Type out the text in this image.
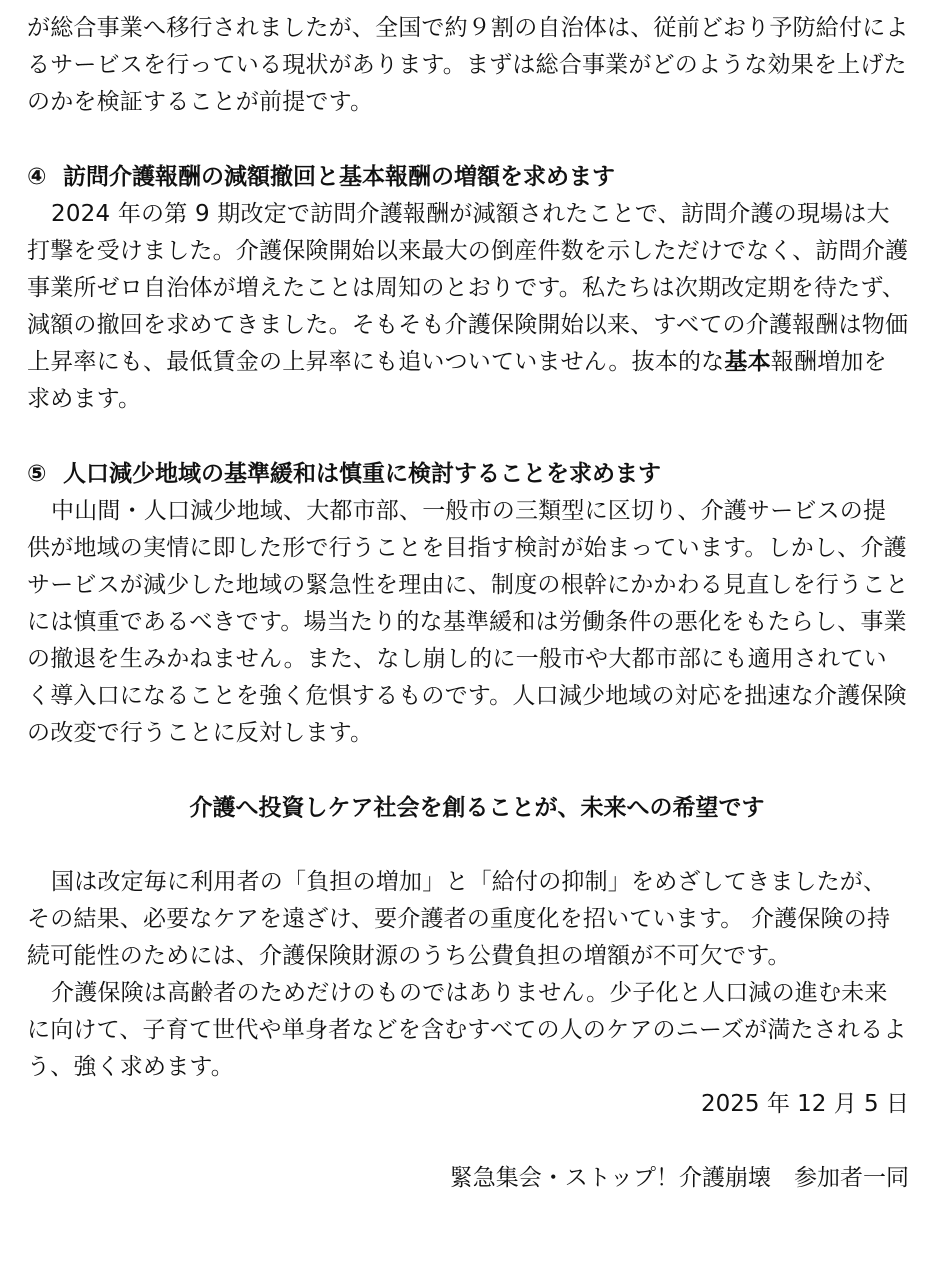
が総合事業へ移行されましたが、全国で約９割の自治体は、従前どおり予防給付によるサービスを行っている現状があります。まずは総合事業がどのような効果を上げたのかを検証することが前提です。

④ 訪問介護報酬の減額撤回と基本報酬の増額を求めます

2024 年の第 9 期改定で訪問介護報酬が減額されたことで、訪問介護の現場は大打撃を受けました。介護保険開始以来最大の倒産件数を示しただけでなく、訪問介護事業所ゼロ自治体が増えたことは周知のとおりです。私たちは次期改定期を待たず、減額の撤回を求めてきました。そもそも介護保険開始以来、すべての介護報酬は物価上昇率にも、最低賃金の上昇率にも追いついていません。抜本的な基本報酬増加を求めます。

⑤ 人口減少地域の基準緩和は慎重に検討することを求めます

中山間・人口減少地域、大都市部、一般市の三類型に区切り、介護サービスの提供が地域の実情に即した形で行うことを目指す検討が始まっています。しかし、介護サービスが減少した地域の緊急性を理由に、制度の根幹にかかわる見直しを行うことには慎重であるべきです。場当たり的な基準緩和は労働条件の悪化をもたらし、事業の撤退を生みかねません。また、なし崩し的に一般市や大都市部にも適用されていく導入口になることを強く危惧するものです。人口減少地域の対応を拙速な介護保険の改変で行うことに反対します。

介護へ投資しケア社会を創ることが、未来への希望です

国は改定毎に利用者の「負担の増加」と「給付の抑制」をめざしてきましたが、その結果、必要なケアを遠ざけ、要介護者の重度化を招いています。 介護保険の持続可能性のためには、介護保険財源のうち公費負担の増額が不可欠です。

介護保険は高齢者のためだけのものではありません。少子化と人口減の進む未来に向けて、子育て世代や単身者などを含むすべての人のケアのニーズが満たされるよう、強く求めます。

2025 年 12 月 5 日

緊急集会・ストップ！介護崩壊　参加者一同
